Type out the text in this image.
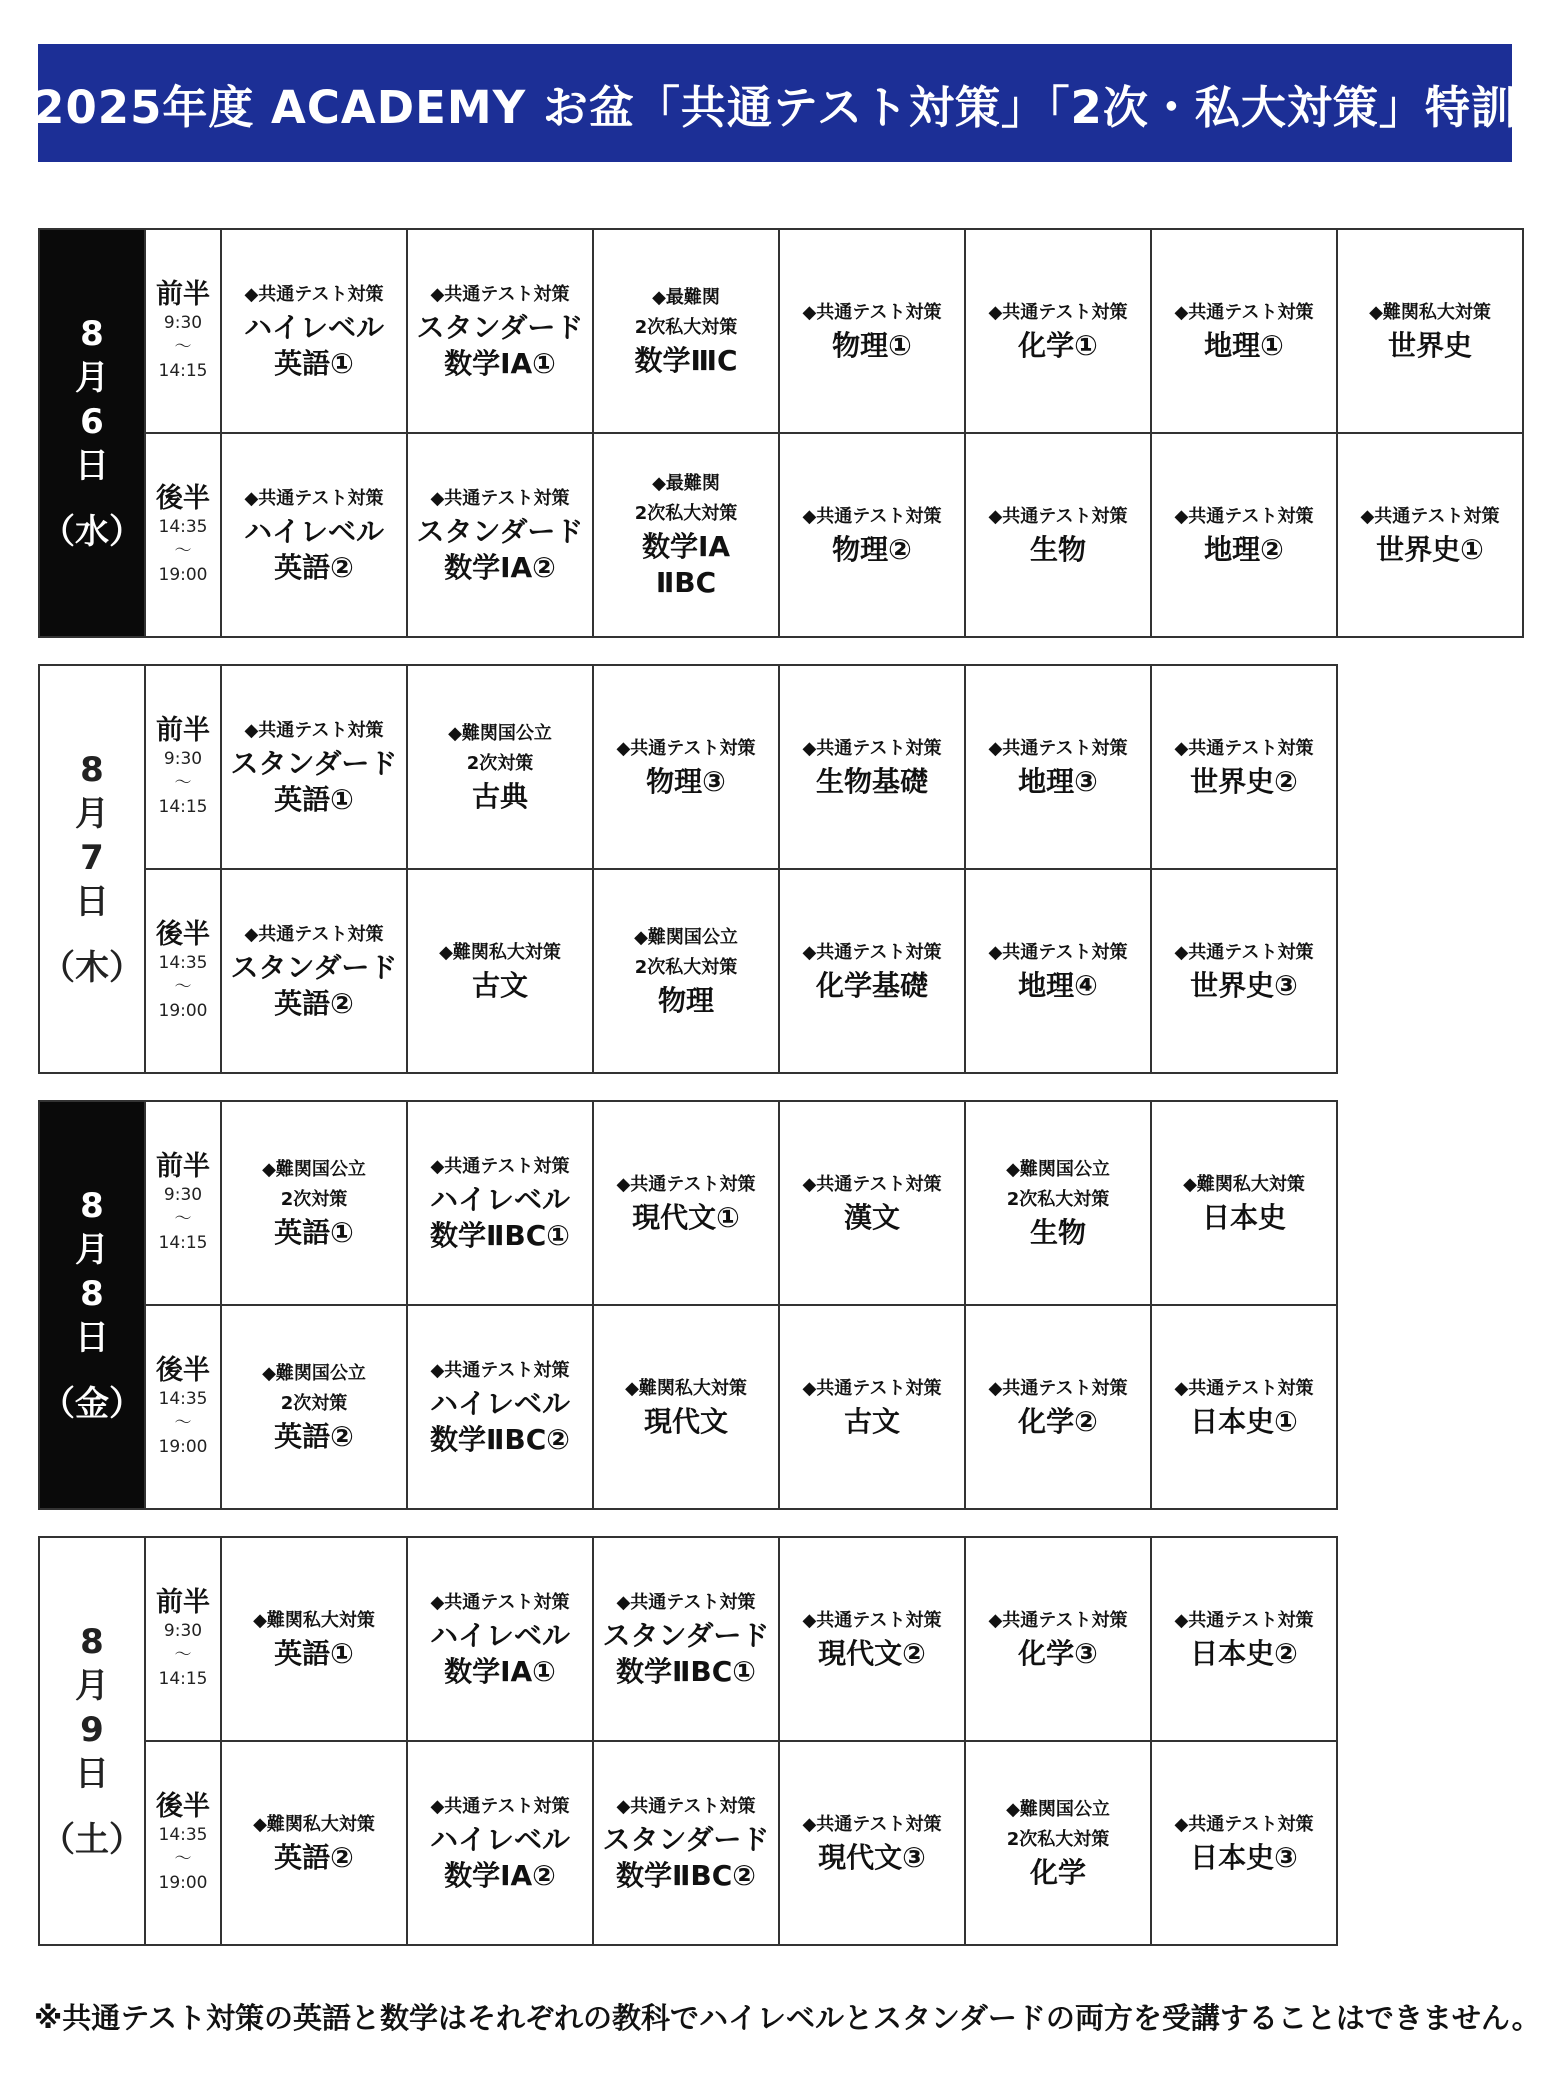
2025年度 ACADEMY お盆「共通テスト対策」「2次・私大対策」特訓
8
月
6
日
（水）	前半
9:30
～
14:15	◆共通テスト対策
ハイレベル
英語①	◆共通テスト対策
スタンダード
数学ⅠA①	◆最難関
2次私大対策
数学ⅢC	◆共通テスト対策
物理①	◆共通テスト対策
化学①	◆共通テスト対策
地理①	◆難関私大対策
世界史

	後半
14:35
～
19:00	◆共通テスト対策
ハイレベル
英語②	◆共通テスト対策
スタンダード
数学ⅠA②	◆最難関
2次私大対策
数学ⅠA
ⅡBC	◆共通テスト対策
物理②	◆共通テスト対策
生物	◆共通テスト対策
地理②	◆共通テスト対策
世界史①
8
月
7
日
（木）	前半
9:30
～
14:15	◆共通テスト対策
スタンダード
英語①	◆難関国公立
2次対策
古典	◆共通テスト対策
物理③	◆共通テスト対策
生物基礎	◆共通テスト対策
地理③	◆共通テスト対策
世界史②

	後半
14:35
～
19:00	◆共通テスト対策
スタンダード
英語②	◆難関私大対策
古文	◆難関国公立
2次私大対策
物理	◆共通テスト対策
化学基礎	◆共通テスト対策
地理④	◆共通テスト対策
世界史③
8
月
8
日
（金）	前半
9:30
～
14:15	◆難関国公立
2次対策
英語①	◆共通テスト対策
ハイレベル
数学ⅡBC①	◆共通テスト対策
現代文①	◆共通テスト対策
漢文	◆難関国公立
2次私大対策
生物	◆難関私大対策
日本史

	後半
14:35
～
19:00	◆難関国公立
2次対策
英語②	◆共通テスト対策
ハイレベル
数学ⅡBC②	◆難関私大対策
現代文	◆共通テスト対策
古文	◆共通テスト対策
化学②	◆共通テスト対策
日本史①
8
月
9
日
（土）	前半
9:30
～
14:15	◆難関私大対策
英語①	◆共通テスト対策
ハイレベル
数学ⅠA①	◆共通テスト対策
スタンダード
数学ⅡBC①	◆共通テスト対策
現代文②	◆共通テスト対策
化学③	◆共通テスト対策
日本史②

	後半
14:35
～
19:00	◆難関私大対策
英語②	◆共通テスト対策
ハイレベル
数学ⅠA②	◆共通テスト対策
スタンダード
数学ⅡBC②	◆共通テスト対策
現代文③	◆難関国公立
2次私大対策
化学	◆共通テスト対策
日本史③
※共通テスト対策の英語と数学はそれぞれの教科でハイレベルとスタンダードの両方を受講することはできません。
